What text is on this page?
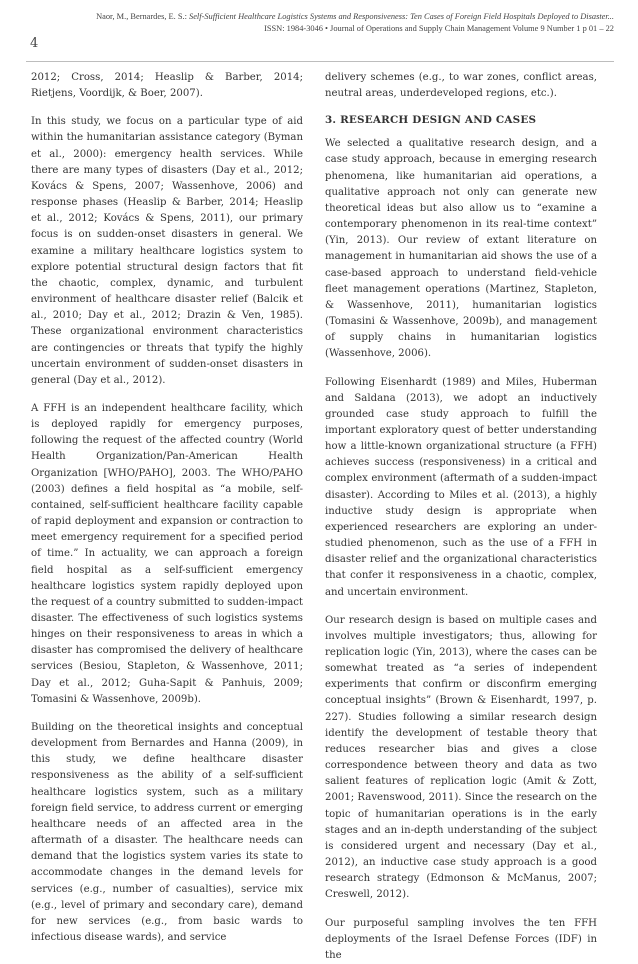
4
Naor, M., Bernardes, E. S.: Self-Sufficient Healthcare Logistics Systems and Responsiveness: Ten Cases of Foreign Field Hospitals Deployed to Disaster...
ISSN: 1984-3046 • Journal of Operations and Supply Chain Management Volume 9 Number 1 p 01 – 22

2012; Cross, 2014; Heaslip & Barber, 2014; Rietjens, Voordijk, & Boer, 2007).

In this study, we focus on a particular type of aid within the humanitarian assistance category (Byman et al., 2000): emergency health services. While there are many types of disasters (Day et al., 2012; Kovács & Spens, 2007; Wassenhove, 2006) and response phases (Heaslip & Barber, 2014; Heaslip et al., 2012; Kovács & Spens, 2011), our primary focus is on sudden-onset disasters in general. We examine a military healthcare logistics system to explore potential structural design factors that fit the chaotic, complex, dynamic, and turbulent environment of healthcare disaster relief (Balcik et al., 2010; Day et al., 2012; Drazin & Ven, 1985). These organizational environment characteristics are contingencies or threats that typify the highly uncertain environment of sudden-onset disasters in general (Day et al., 2012).

A FFH is an independent healthcare facility, which is deployed rapidly for emergency purposes, following the request of the affected country (World Health Organization/Pan-American Health Organization [WHO/PAHO], 2003. The WHO/PAHO (2003) defines a field hospital as “a mobile, self-contained, self-sufficient healthcare facility capable of rapid deployment and expansion or contraction to meet emergency requirement for a specified period of time.” In actuality, we can approach a foreign field hospital as a self-sufficient emergency healthcare logistics system rapidly deployed upon the request of a country submitted to sudden-impact disaster. The effectiveness of such logistics systems hinges on their responsiveness to areas in which a disaster has compromised the delivery of healthcare services (Besiou, Stapleton, & Wassenhove, 2011; Day et al., 2012; Guha-Sapit & Panhuis, 2009; Tomasini & Wassenhove, 2009b).

Building on the theoretical insights and conceptual development from Bernardes and Hanna (2009), in this study, we define healthcare disaster responsiveness as the ability of a self-sufficient healthcare logistics system, such as a military foreign field service, to address current or emerging healthcare needs of an affected area in the aftermath of a disaster. The healthcare needs can demand that the logistics system varies its state to accommodate changes in the demand levels for services (e.g., number of casualties), service mix (e.g., level of primary and secondary care), demand for new services (e.g., from basic wards to infectious disease wards), and service

delivery schemes (e.g., to war zones, conflict areas, neutral areas, underdeveloped regions, etc.).

3. RESEARCH DESIGN AND CASES

We selected a qualitative research design, and a case study approach, because in emerging research phenomena, like humanitarian aid operations, a qualitative approach not only can generate new theoretical ideas but also allow us to “examine a contemporary phenomenon in its real-time context” (Yin, 2013). Our review of extant literature on management in humanitarian aid shows the use of a case-based approach to understand field-vehicle fleet management operations (Martinez, Stapleton, & Wassenhove, 2011), humanitarian logistics (Tomasini & Wassenhove, 2009b), and management of supply chains in humanitarian logistics (Wassenhove, 2006).

Following Eisenhardt (1989) and Miles, Huberman and Saldana (2013), we adopt an inductively grounded case study approach to fulfill the important exploratory quest of better understanding how a little-known organizational structure (a FFH) achieves success (responsiveness) in a critical and complex environment (aftermath of a sudden-impact disaster). According to Miles et al. (2013), a highly inductive study design is appropriate when experienced researchers are exploring an under-studied phenomenon, such as the use of a FFH in disaster relief and the organizational characteristics that confer it responsiveness in a chaotic, complex, and uncertain environment.

Our research design is based on multiple cases and involves multiple investigators; thus, allowing for replication logic (Yin, 2013), where the cases can be somewhat treated as “a series of independent experiments that confirm or disconfirm emerging conceptual insights” (Brown & Eisenhardt, 1997, p. 227). Studies following a similar research design identify the development of testable theory that reduces researcher bias and gives a close correspondence between theory and data as two salient features of replication logic (Amit & Zott, 2001; Ravenswood, 2011). Since the research on the topic of humanitarian operations is in the early stages and an in-depth understanding of the subject is considered urgent and necessary (Day et al., 2012), an inductive case study approach is a good research strategy (Edmonson & McManus, 2007; Creswell, 2012).

Our purposeful sampling involves the ten FFH deployments of the Israel Defense Forces (IDF) in the
